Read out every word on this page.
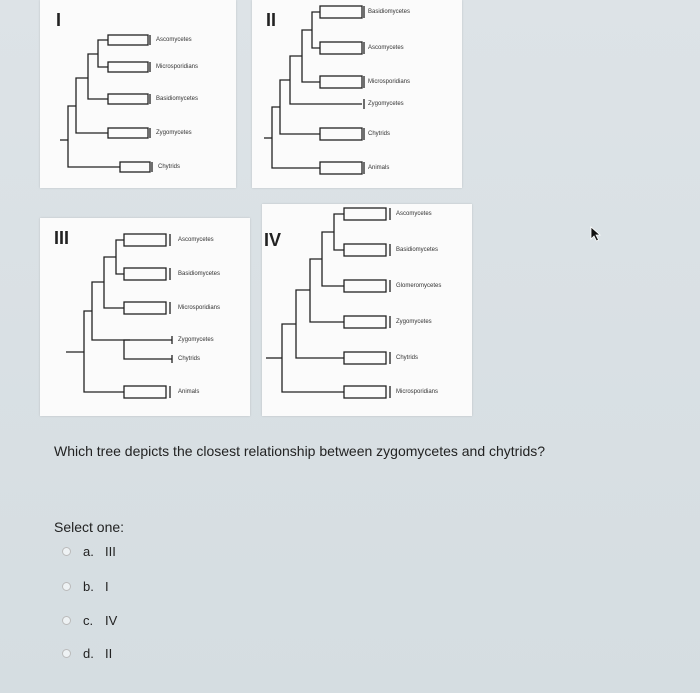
I
Ascomycetes
Microsporidians
Basidiomycetes
Zygomycetes
Chytrids
II	Basidiomycetes
Ascomycetes
Microsporidians
Zygomycetes
Chytrids
Animals
III	Ascomycetes
Basidiomycetes
Microsporidians
Zygomycetes
Chytrids
Animals
IV
Ascomycetes
Basidiomycetes
Glomeromycetes
Zygomycetes
Chytrids
Microsporidians
Which tree depicts the closest relationship between zygomycetes and chytrids?
Select one:
a. III
b. I
c. IV
d. II
